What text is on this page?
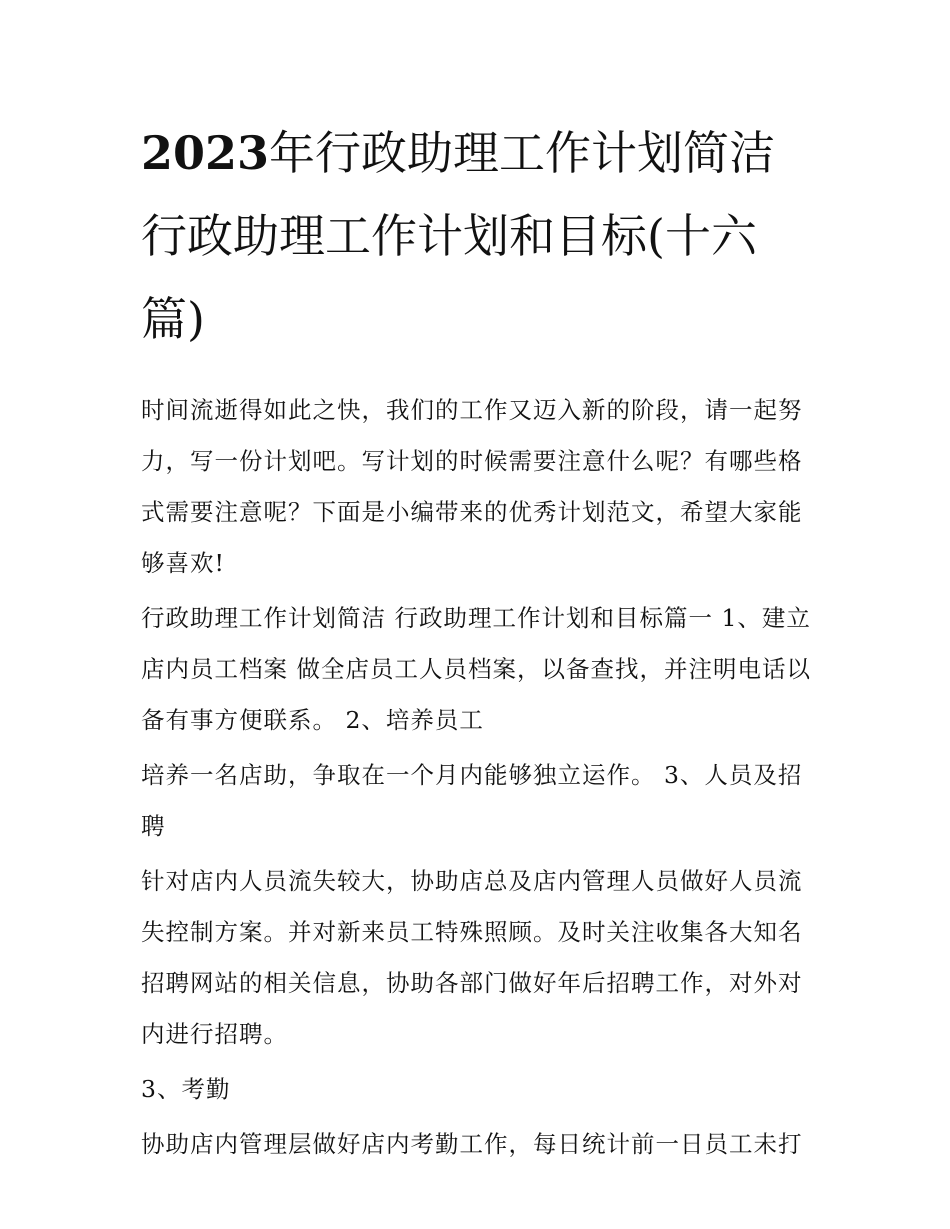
2023年行政助理工作计划简洁行政助理工作计划和目标(十六篇)

时间流逝得如此之快，我们的工作又迈入新的阶段，请一起努力，写一份计划吧。写计划的时候需要注意什么呢？有哪些格式需要注意呢？下面是小编带来的优秀计划范文，希望大家能够喜欢!

行政助理工作计划简洁 行政助理工作计划和目标篇一 1、建立店内员工档案 做全店员工人员档案，以备查找，并注明电话以备有事方便联系。 2、培养员工

培养一名店助，争取在一个月内能够独立运作。 3、人员及招聘

针对店内人员流失较大，协助店总及店内管理人员做好人员流失控制方案。并对新来员工特殊照顾。及时关注收集各大知名招聘网站的相关信息，协助各部门做好年后招聘工作，对外对内进行招聘。

3、考勤

协助店内管理层做好店内考勤工作，每日统计前一日员工未打
